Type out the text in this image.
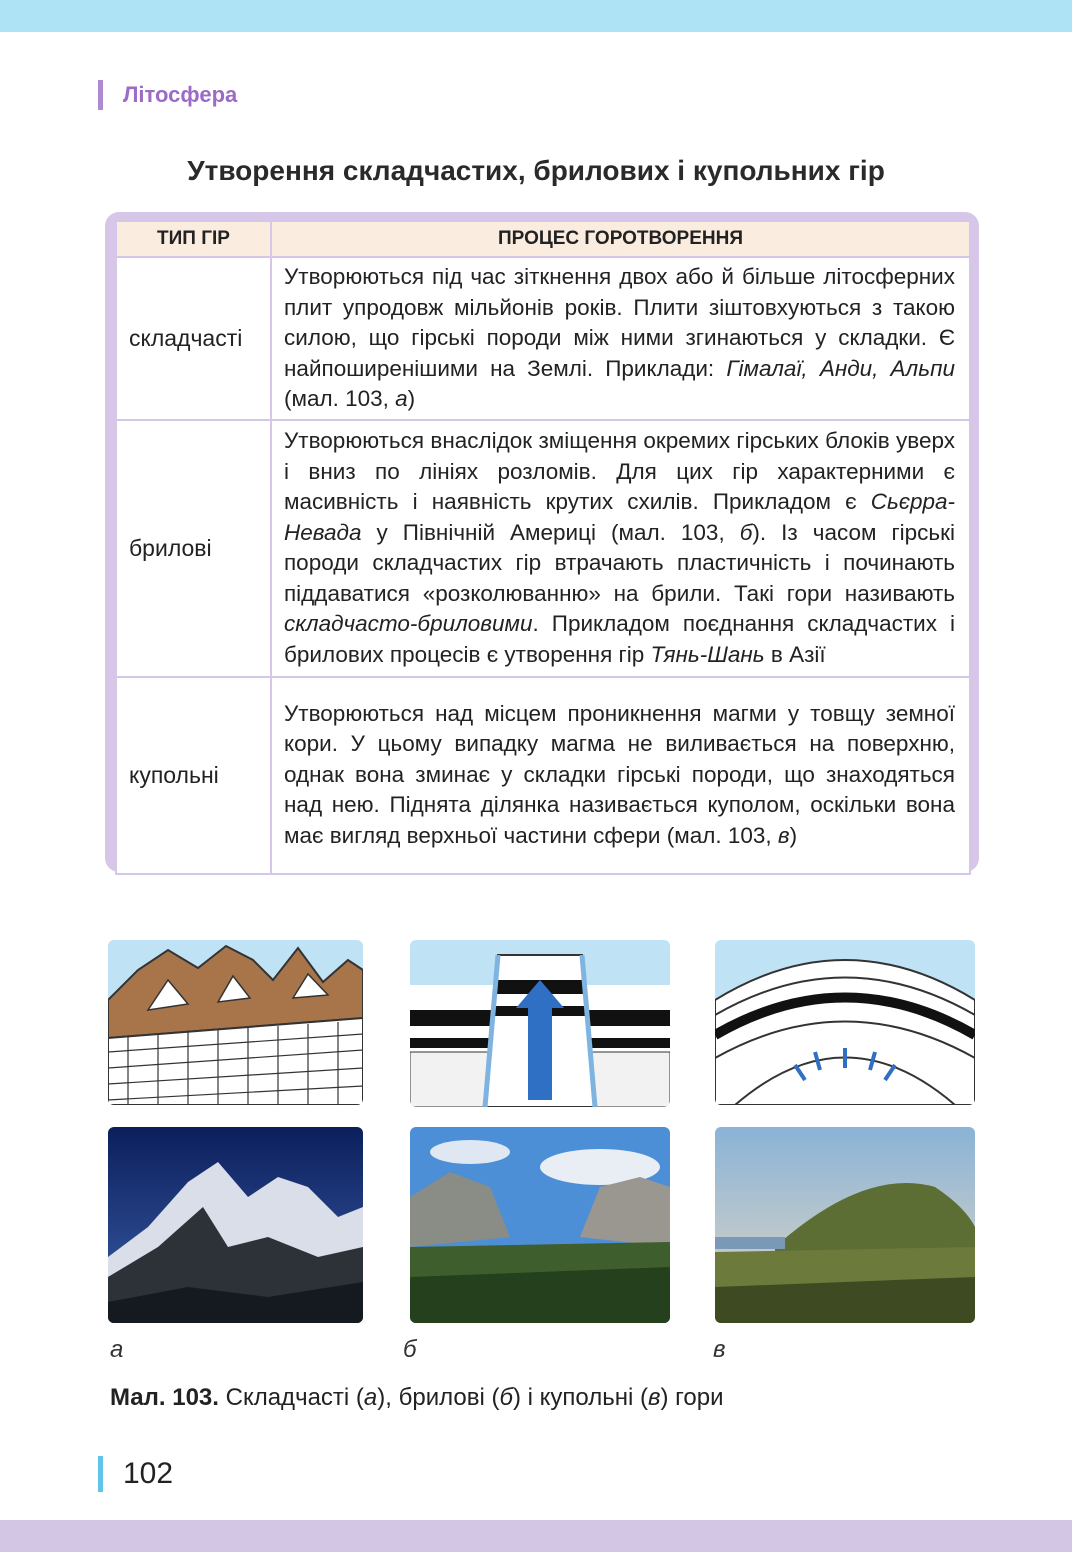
Літосфера
Утворення складчастих, брилових і купольних гір
ТИП ГІР	ПРОЦЕС ГОРОТВОРЕННЯ
складчасті	Утворюються під час зіткнення двох або й більше літосферних плит упродовж мільйонів років. Плити зіштовхуються з такою силою, що гірські породи між ними згинаються у складки. Є найпоширенішими на Землі. Приклади: Гімалаї, Анди, Альпи (мал. 103, а)
брилові	Утворюються внаслідок зміщення окремих гірських блоків уверх і вниз по лініях розломів. Для цих гір характерними є масивність і наявність крутих схилів. Прикладом є Сьєрра-Невада у Північній Америці (мал. 103, б). Із часом гірські породи складчастих гір втрачають пластичність і починають піддаватися «розколюванню» на брили. Такі гори називають складчасто-бриловими. Прикладом поєднання складчастих і брилових процесів є утворення гір Тянь-Шань в Азії
купольні	Утворюються над місцем проникнення магми у товщу земної кори. У цьому випадку магма не виливається на поверхню, однак вона зминає у складки гірські породи, що знаходяться над нею. Піднята ділянка називається куполом, оскільки вона має вигляд верхньої частини сфери (мал. 103, в)
а	б	в
Мал. 103. Складчасті (а), брилові (б) і купольні (в) гори
102
